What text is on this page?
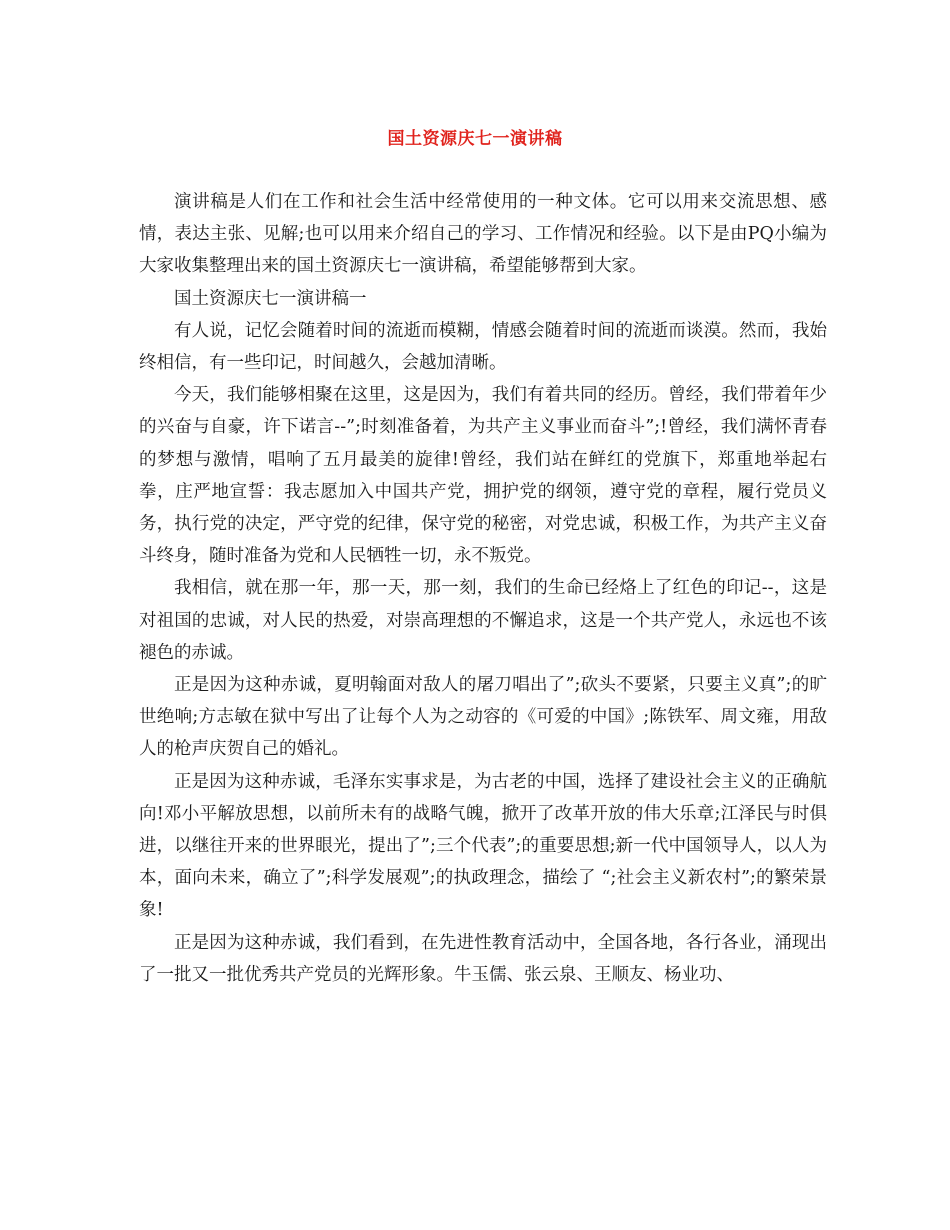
国土资源庆七一演讲稿

演讲稿是人们在工作和社会生活中经常使用的一种文体。它可以用来交流思想、感情，表达主张、见解;也可以用来介绍自己的学习、工作情况和经验。以下是由PQ小编为大家收集整理出来的国土资源庆七一演讲稿，希望能够帮到大家。

国土资源庆七一演讲稿一

有人说，记忆会随着时间的流逝而模糊，情感会随着时间的流逝而谈漠。然而，我始终相信，有一些印记，时间越久，会越加清晰。

今天，我们能够相聚在这里，这是因为，我们有着共同的经历。曾经，我们带着年少的兴奋与自豪，许下诺言--”;时刻准备着，为共产主义事业而奋斗”;!曾经，我们满怀青春的梦想与激情，唱响了五月最美的旋律!曾经，我们站在鲜红的党旗下，郑重地举起右拳，庄严地宣誓：我志愿加入中国共产党，拥护党的纲领，遵守党的章程，履行党员义务，执行党的决定，严守党的纪律，保守党的秘密，对党忠诚，积极工作，为共产主义奋斗终身，随时准备为党和人民牺牲一切，永不叛党。

我相信，就在那一年，那一天，那一刻，我们的生命已经烙上了红色的印记--，这是对祖国的忠诚，对人民的热爱，对崇高理想的不懈追求，这是一个共产党人，永远也不该褪色的赤诚。

正是因为这种赤诚，夏明翰面对敌人的屠刀唱出了”;砍头不要紧，只要主义真”;的旷世绝响;方志敏在狱中写出了让每个人为之动容的《可爱的中国》;陈铁军、周文雍，用敌人的枪声庆贺自己的婚礼。

正是因为这种赤诚，毛泽东实事求是，为古老的中国，选择了建设社会主义的正确航向!邓小平解放思想，以前所未有的战略气魄，掀开了改革开放的伟大乐章;江泽民与时俱进，以继往开来的世界眼光，提出了”;三个代表”;的重要思想;新一代中国领导人，以人为本，面向未来，确立了”;科学发展观”;的执政理念，描绘了 “;社会主义新农村”;的繁荣景象!

正是因为这种赤诚，我们看到，在先进性教育活动中，全国各地，各行各业，涌现出了一批又一批优秀共产党员的光辉形象。牛玉儒、张云泉、王顺友、杨业功、
